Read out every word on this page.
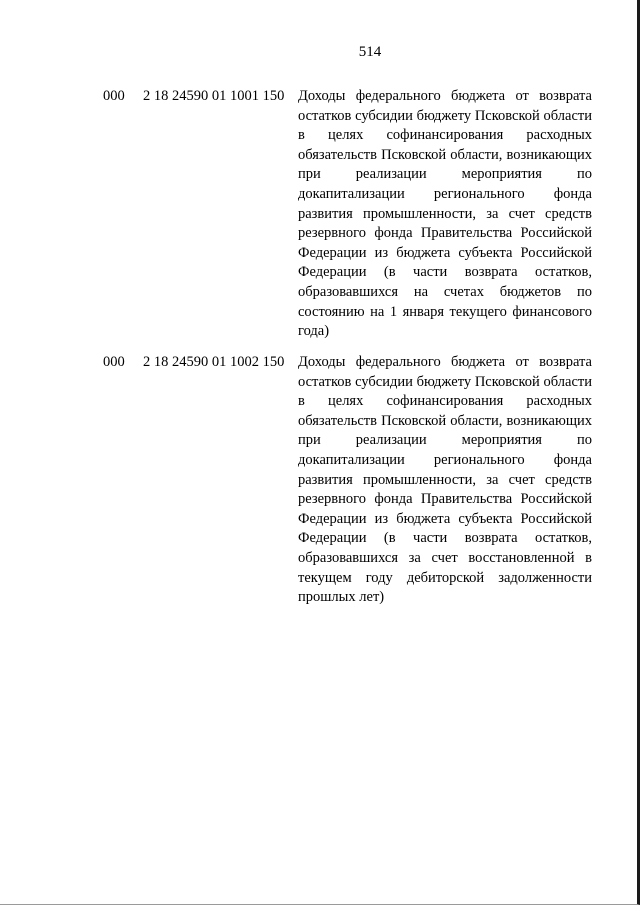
514
000 2 18 24590 01 1001 150 Доходы федерального бюджета от возврата остатков субсидии бюджету Псковской области в целях софинансирования расходных обязательств Псковской области, возникающих при реализации мероприятия по докапитализации регионального фонда развития промышленности, за счет средств резервного фонда Правительства Российской Федерации из бюджета субъекта Российской Федерации (в части возврата остатков, образовавшихся на счетах бюджетов по состоянию на 1 января текущего финансового года)

000 2 18 24590 01 1002 150 Доходы федерального бюджета от возврата остатков субсидии бюджету Псковской области в целях софинансирования расходных обязательств Псковской области, возникающих при реализации мероприятия по докапитализации регионального фонда развития промышленности, за счет средств резервного фонда Правительства Российской Федерации из бюджета субъекта Российской Федерации (в части возврата остатков, образовавшихся за счет восстановленной в текущем году дебиторской задолженности прошлых лет)
